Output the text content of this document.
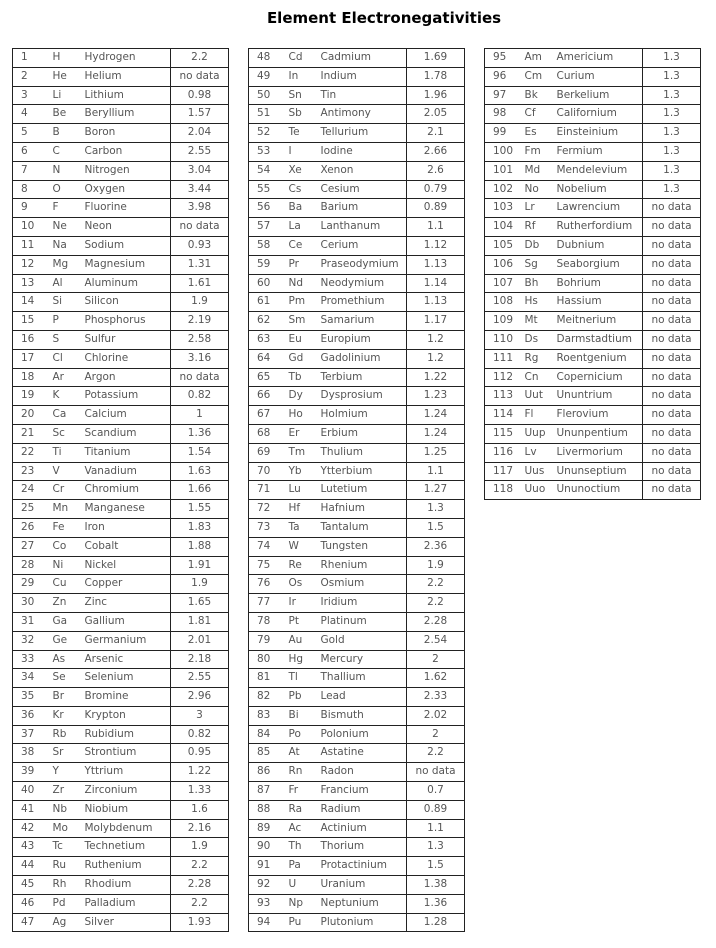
Element Electronegativities
1	H	Hydrogen	2.2
2	He	Helium	no data
3	Li	Lithium	0.98
4	Be	Beryllium	1.57
5	B	Boron	2.04
6	C	Carbon	2.55
7	N	Nitrogen	3.04
8	O	Oxygen	3.44
9	F	Fluorine	3.98
10	Ne	Neon	no data
11	Na	Sodium	0.93
12	Mg	Magnesium	1.31
13	Al	Aluminum	1.61
14	Si	Silicon	1.9
15	P	Phosphorus	2.19
16	S	Sulfur	2.58
17	Cl	Chlorine	3.16
18	Ar	Argon	no data
19	K	Potassium	0.82
20	Ca	Calcium	1
21	Sc	Scandium	1.36
22	Ti	Titanium	1.54
23	V	Vanadium	1.63
24	Cr	Chromium	1.66
25	Mn	Manganese	1.55
26	Fe	Iron	1.83
27	Co	Cobalt	1.88
28	Ni	Nickel	1.91
29	Cu	Copper	1.9
30	Zn	Zinc	1.65
31	Ga	Gallium	1.81
32	Ge	Germanium	2.01
33	As	Arsenic	2.18
34	Se	Selenium	2.55
35	Br	Bromine	2.96
36	Kr	Krypton	3
37	Rb	Rubidium	0.82
38	Sr	Strontium	0.95
39	Y	Yttrium	1.22
40	Zr	Zirconium	1.33
41	Nb	Niobium	1.6
42	Mo	Molybdenum	2.16
43	Tc	Technetium	1.9
44	Ru	Ruthenium	2.2
45	Rh	Rhodium	2.28
46	Pd	Palladium	2.2
47	Ag	Silver	1.93
48	Cd	Cadmium	1.69
49	In	Indium	1.78
50	Sn	Tin	1.96
51	Sb	Antimony	2.05
52	Te	Tellurium	2.1
53	I	Iodine	2.66
54	Xe	Xenon	2.6
55	Cs	Cesium	0.79
56	Ba	Barium	0.89
57	La	Lanthanum	1.1
58	Ce	Cerium	1.12
59	Pr	Praseodymium	1.13
60	Nd	Neodymium	1.14
61	Pm	Promethium	1.13
62	Sm	Samarium	1.17
63	Eu	Europium	1.2
64	Gd	Gadolinium	1.2
65	Tb	Terbium	1.22
66	Dy	Dysprosium	1.23
67	Ho	Holmium	1.24
68	Er	Erbium	1.24
69	Tm	Thulium	1.25
70	Yb	Ytterbium	1.1
71	Lu	Lutetium	1.27
72	Hf	Hafnium	1.3
73	Ta	Tantalum	1.5
74	W	Tungsten	2.36
75	Re	Rhenium	1.9
76	Os	Osmium	2.2
77	Ir	Iridium	2.2
78	Pt	Platinum	2.28
79	Au	Gold	2.54
80	Hg	Mercury	2
81	Tl	Thallium	1.62
82	Pb	Lead	2.33
83	Bi	Bismuth	2.02
84	Po	Polonium	2
85	At	Astatine	2.2
86	Rn	Radon	no data
87	Fr	Francium	0.7
88	Ra	Radium	0.89
89	Ac	Actinium	1.1
90	Th	Thorium	1.3
91	Pa	Protactinium	1.5
92	U	Uranium	1.38
93	Np	Neptunium	1.36
94	Pu	Plutonium	1.28
95	Am	Americium	1.3
96	Cm	Curium	1.3
97	Bk	Berkelium	1.3
98	Cf	Californium	1.3
99	Es	Einsteinium	1.3
100	Fm	Fermium	1.3
101	Md	Mendelevium	1.3
102	No	Nobelium	1.3
103	Lr	Lawrencium	no data
104	Rf	Rutherfordium	no data
105	Db	Dubnium	no data
106	Sg	Seaborgium	no data
107	Bh	Bohrium	no data
108	Hs	Hassium	no data
109	Mt	Meitnerium	no data
110	Ds	Darmstadtium	no data
111	Rg	Roentgenium	no data
112	Cn	Copernicium	no data
113	Uut	Ununtrium	no data
114	Fl	Flerovium	no data
115	Uup	Ununpentium	no data
116	Lv	Livermorium	no data
117	Uus	Ununseptium	no data
118	Uuo	Ununoctium	no data
